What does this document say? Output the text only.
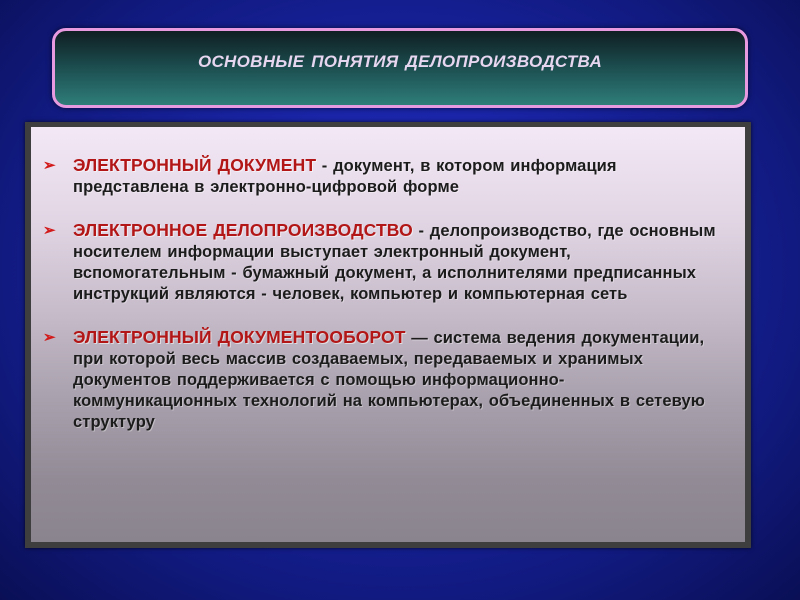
ОСНОВНЫЕ ПОНЯТИЯ ДЕЛОПРОИЗВОДСТВА
➢ ЭЛЕКТРОННЫЙ ДОКУМЕНТ - документ, в котором информация представлена в электронно-цифровой форме
➢ ЭЛЕКТРОННОЕ ДЕЛОПРОИЗВОДСТВО - делопроизводство, где основным носителем информации выступает электронный документ, вспомогательным - бумажный документ, а исполнителями предписанных инструкций являются - человек, компьютер и компьютерная сеть
➢ ЭЛЕКТРОННЫЙ ДОКУМЕНТООБОРОТ — система ведения документации, при которой весь массив создаваемых, передаваемых и хранимых документов поддерживается с помощью информационно-коммуникационных технологий на компьютерах, объединенных в сетевую структуру
